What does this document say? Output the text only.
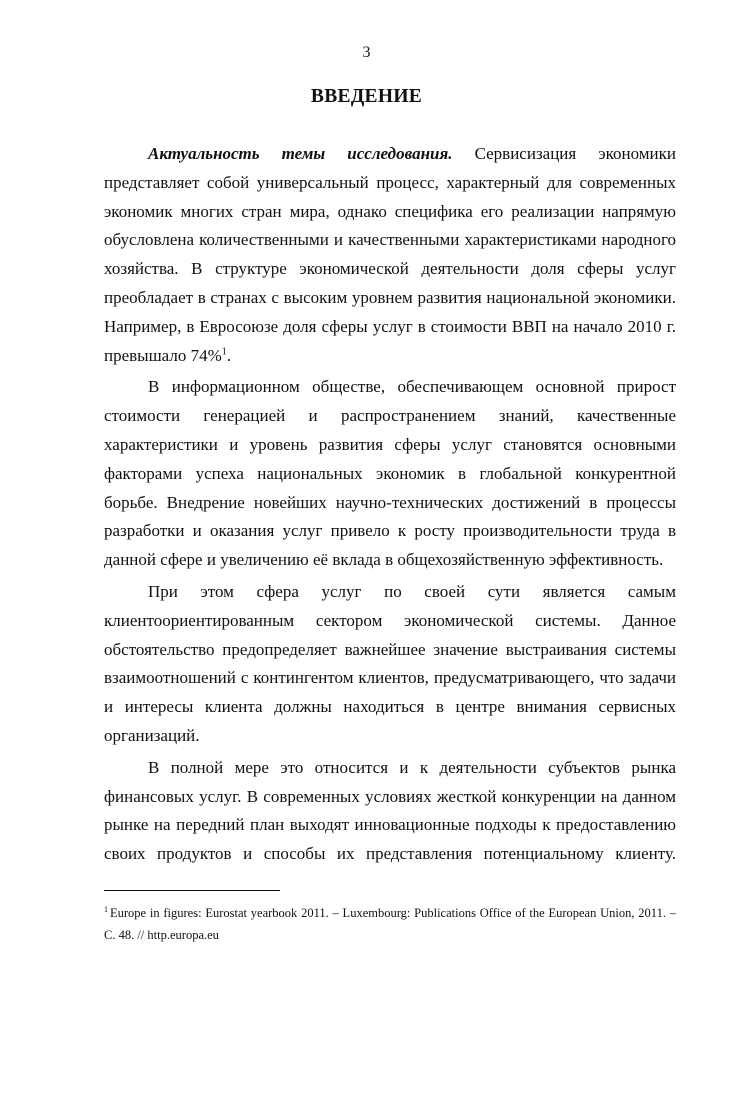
3
ВВЕДЕНИЕ

Актуальность темы исследования. Сервисизация экономики представляет собой универсальный процесс, характерный для современных экономик многих стран мира, однако специфика его реализации напрямую обусловлена количественными и качественными характеристиками народного хозяйства. В структуре экономической деятельности доля сферы услуг преобладает в странах с высоким уровнем развития национальной экономики. Например, в Евросоюзе доля сферы услуг в стоимости ВВП на начало 2010 г. превышало 74%$^1$.

В информационном обществе, обеспечивающем основной прирост стоимости генерацией и распространением знаний, качественные характеристики и уровень развития сферы услуг становятся основными факторами успеха национальных экономик в глобальной конкурентной борьбе. Внедрение новейших научно-технических достижений в процессы разработки и оказания услуг привело к росту производительности труда в данной сфере и увеличению её вклада в общехозяйственную эффективность.

При этом сфера услуг по своей сути является самым клиентоориентированным сектором экономической системы. Данное обстоятельство предопределяет важнейшее значение выстраивания системы взаимоотношений с контингентом клиентов, предусматривающего, что задачи и интересы клиента должны находиться в центре внимания сервисных организаций.

В полной мере это относится и к деятельности субъектов рынка финансовых услуг. В современных условиях жесткой конкуренции на данном рынке на передний план выходят инновационные подходы к предоставлению своих продуктов и способы их представления потенциальному клиенту.

$^1$ Europe in figures: Eurostat yearbook 2011. – Luxembourg: Publications Office of the European Union, 2011. – C. 48. // http.europa.eu
